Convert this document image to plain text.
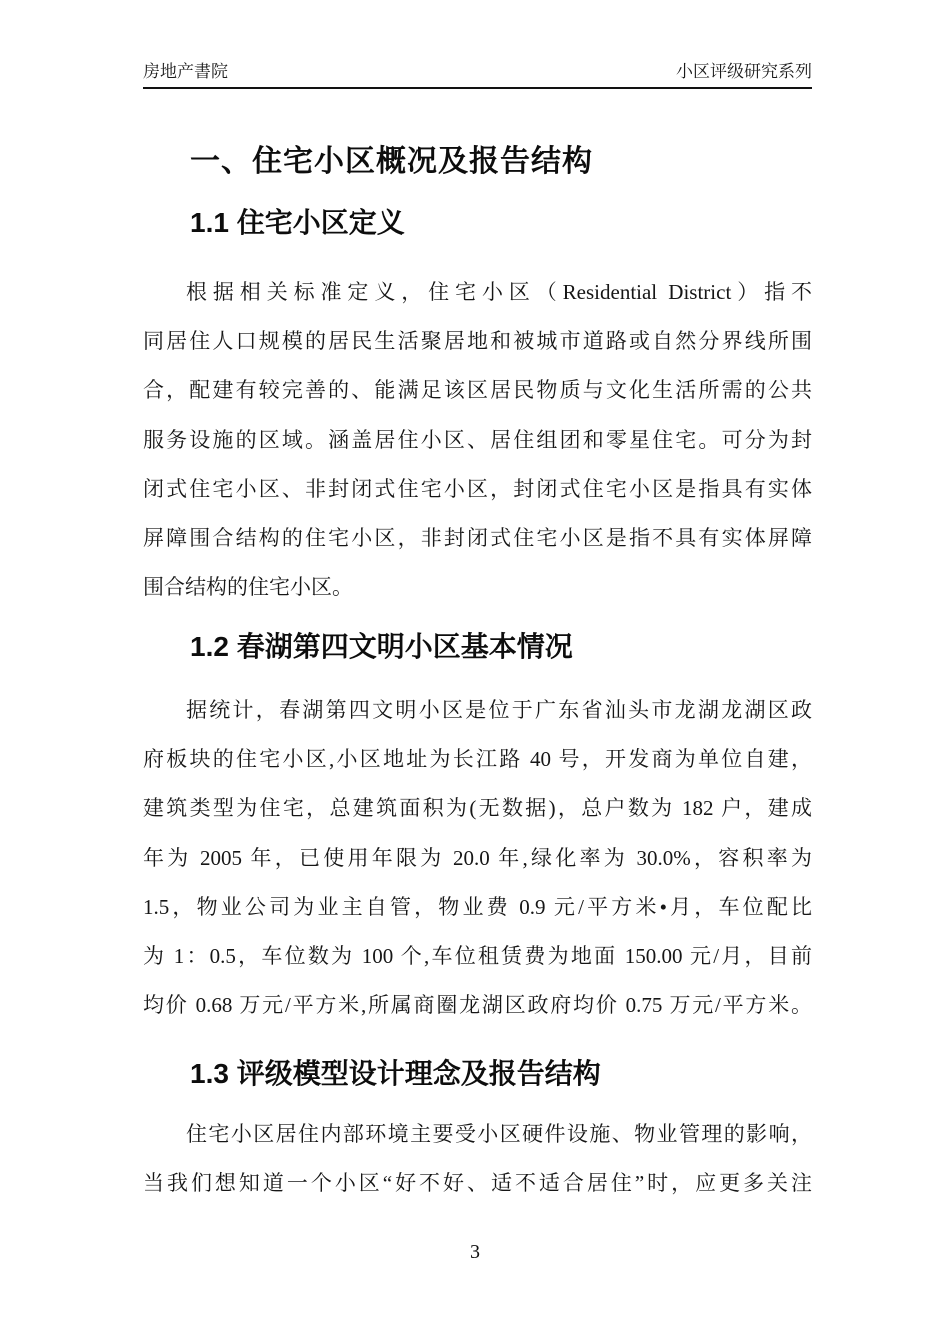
房地产書院	小区评级研究系列
一、住宅小区概况及报告结构
1.1 住宅小区定义
根据相关标准定义，住宅小区（Residential District）指不
同居住人口规模的居民生活聚居地和被城市道路或自然分界线所围
合，配建有较完善的、能满足该区居民物质与文化生活所需的公共
服务设施的区域。涵盖居住小区、居住组团和零星住宅。可分为封
闭式住宅小区、非封闭式住宅小区，封闭式住宅小区是指具有实体
屏障围合结构的住宅小区，非封闭式住宅小区是指不具有实体屏障
围合结构的住宅小区。
1.2 春湖第四文明小区基本情况
据统计，春湖第四文明小区是位于广东省汕头市龙湖龙湖区政
府板块的住宅小区,小区地址为长江路 40 号，开发商为单位自建，
建筑类型为住宅，总建筑面积为(无数据)，总户数为 182 户，建成
年为 2005 年，已使用年限为 20.0 年,绿化率为 30.0%，容积率为
1.5，物业公司为业主自管，物业费 0.9 元/平方米•月，车位配比
为 1：0.5，车位数为 100 个,车位租赁费为地面 150.00 元/月，目前
均价 0.68 万元/平方米,所属商圈龙湖区政府均价 0.75 万元/平方米。
1.3 评级模型设计理念及报告结构
住宅小区居住内部环境主要受小区硬件设施、物业管理的影响，
当我们想知道一个小区“好不好、适不适合居住”时，应更多关注
3
